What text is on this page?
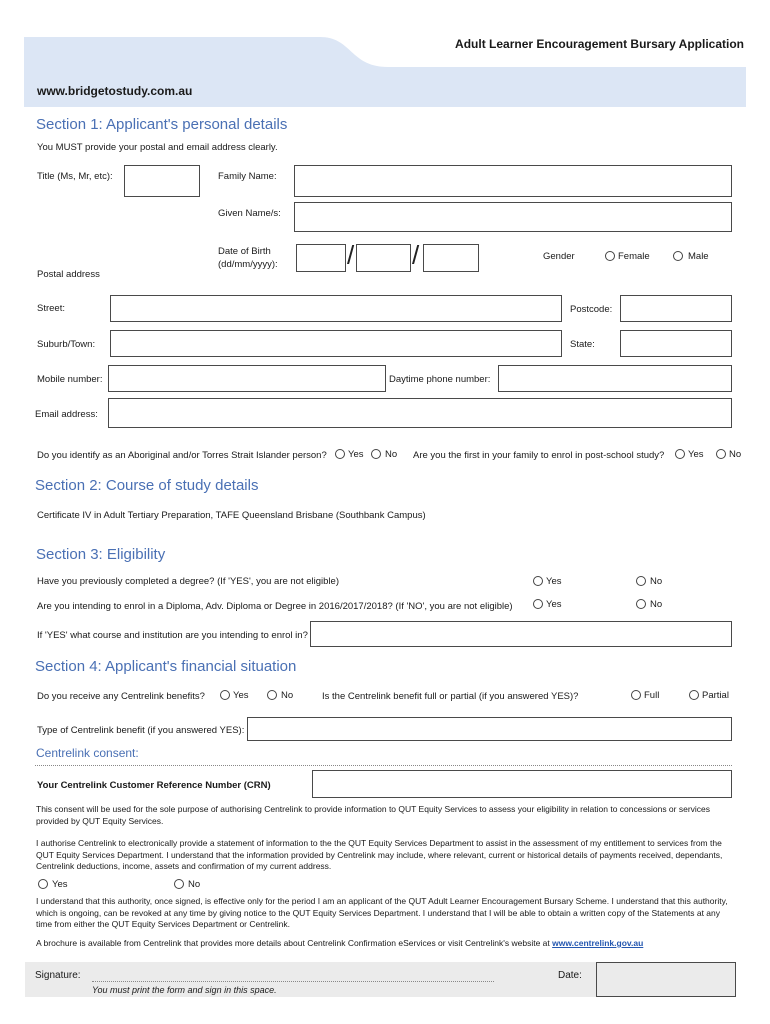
Adult Learner Encouragement Bursary Application
www.bridgetostudy.com.au
Section 1: Applicant's personal details
You MUST provide your postal and email address clearly.
Title (Ms, Mr, etc):	Family Name:
Given Name/s:
Date of Birth
(dd/mm/yyyy):	/ /	Gender	Female	Male
Postal address
Street:	Postcode:
Suburb/Town:	State:
Mobile number:	Daytime phone number:
Email address:
Do you identify as an Aboriginal and/or Torres Strait Islander person? Yes No Are you the first in your family to enrol in post-school study? Yes	No
Section 2: Course of study details
Certificate IV in Adult Tertiary Preparation, TAFE Queensland Brisbane (Southbank Campus)
Section 3: Eligibility
Have you previously completed a degree? (If 'YES', you are not eligible)	Yes	No
Are you intending to enrol in a Diploma, Adv. Diploma or Degree in 2016/2017/2018? (If 'NO', you are not eligible)	Yes	No
If 'YES' what course and institution are you intending to enrol in?
Section 4: Applicant's financial situation
Do you receive any Centrelink benefits?	Yes	No	Is the Centrelink benefit full or partial (if you answered YES)?	Full	Partial
Type of Centrelink benefit (if you answered YES):
Centrelink consent:
Your Centrelink Customer Reference Number (CRN)
This consent will be used for the sole purpose of authorising Centrelink to provide information to QUT Equity Services to assess your eligibility in relation to concessions or services provided by QUT Equity Services.
I authorise Centrelink to electronically provide a statement of information to the the QUT Equity Services Department to assist in the assessment of my entitlement to services from the QUT Equity Services Department. I understand that the information provided by Centrelink may include, where relevant, current or historical details of payments received, dependants, Centrelink deductions, income, assets and confirmation of my current address.
Yes	No
I understand that this authority, once signed, is effective only for the period I am an applicant of the QUT Adult Learner Encouragement Bursary Scheme. I understand that this authority, which is ongoing, can be revoked at any time by giving notice to the QUT Equity Services Department. I understand that I will be able to obtain a written copy of the Statements at any time from either the QUT Equity Services Department or Centrelink.
A brochure is available from Centrelink that provides more details about Centrelink Confirmation eServices or visit Centrelink's website at www.centrelink.gov.au
Signature:
You must print the form and sign in this space.
Date:
